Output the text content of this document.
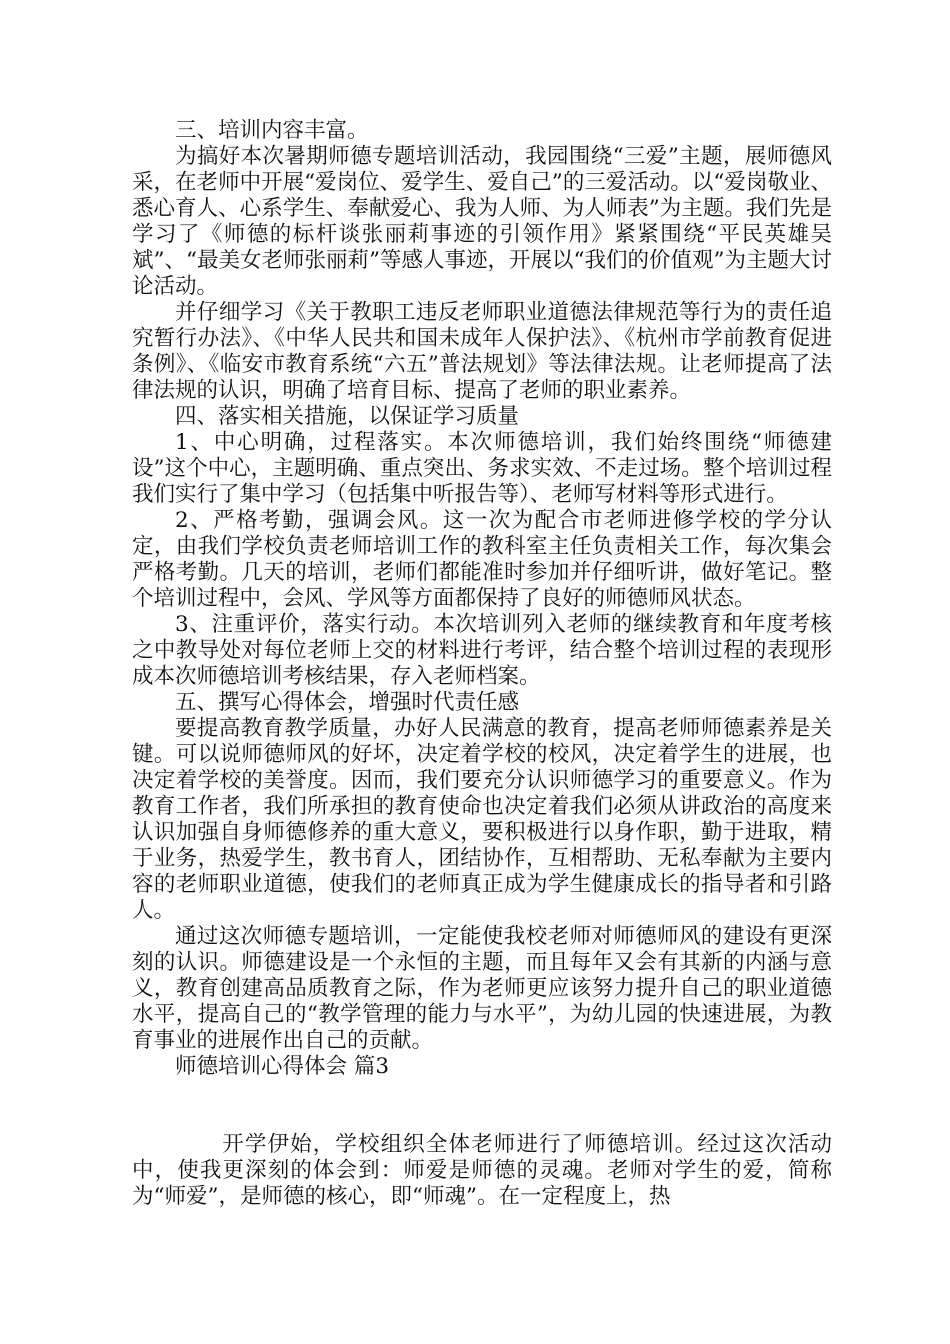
三、培训内容丰富。

为搞好本次暑期师德专题培训活动，我园围绕“三爱”主题，展师德风采，在老师中开展“爱岗位、爱学生、爱自己”的三爱活动。以“爱岗敬业、悉心育人、心系学生、奉献爱心、我为人师、为人师表”为主题。我们先是学习了《师德的标杆谈张丽莉事迹的引领作用》紧紧围绕“平民英雄吴斌”、“最美女老师张丽莉”等感人事迹，开展以“我们的价值观”为主题大讨论活动。

并仔细学习《关于教职工违反老师职业道德法律规范等行为的责任追究暂行办法》、《中华人民共和国未成年人保护法》、《杭州市学前教育促进条例》、《临安市教育系统“六五”普法规划》等法律法规。让老师提高了法律法规的认识，明确了培育目标、提高了老师的职业素养。

四、落实相关措施，以保证学习质量

1、中心明确，过程落实。本次师德培训，我们始终围绕“师德建设”这个中心，主题明确、重点突出、务求实效、不走过场。整个培训过程我们实行了集中学习（包括集中听报告等）、老师写材料等形式进行。

2、严格考勤，强调会风。这一次为配合市老师进修学校的学分认定，由我们学校负责老师培训工作的教科室主任负责相关工作，每次集会严格考勤。几天的培训，老师们都能准时参加并仔细听讲，做好笔记。整个培训过程中，会风、学风等方面都保持了良好的师德师风状态。

3、注重评价，落实行动。本次培训列入老师的继续教育和年度考核之中教导处对每位老师上交的材料进行考评，结合整个培训过程的表现形成本次师德培训考核结果，存入老师档案。

五、撰写心得体会，增强时代责任感

要提高教育教学质量，办好人民满意的教育，提高老师师德素养是关键。可以说师德师风的好坏，决定着学校的校风，决定着学生的进展，也决定着学校的美誉度。因而，我们要充分认识师德学习的重要意义。作为教育工作者，我们所承担的教育使命也决定着我们必须从讲政治的高度来认识加强自身师德修养的重大意义，要积极进行以身作职，勤于进取，精于业务，热爱学生，教书育人，团结协作，互相帮助、无私奉献为主要内容的老师职业道德，使我们的老师真正成为学生健康成长的指导者和引路人。

通过这次师德专题培训，一定能使我校老师对师德师风的建设有更深刻的认识。师德建设是一个永恒的主题，而且每年又会有其新的内涵与意义，教育创建高品质教育之际，作为老师更应该努力提升自己的职业道德水平，提高自己的“教学管理的能力与水平”，为幼儿园的快速进展，为教育事业的进展作出自己的贡献。

师德培训心得体会 篇3

开学伊始，学校组织全体老师进行了师德培训。经过这次活动中，使我更深刻的体会到：师爱是师德的灵魂。老师对学生的爱，简称为“师爱”，是师德的核心，即“师魂”。在一定程度上，热
